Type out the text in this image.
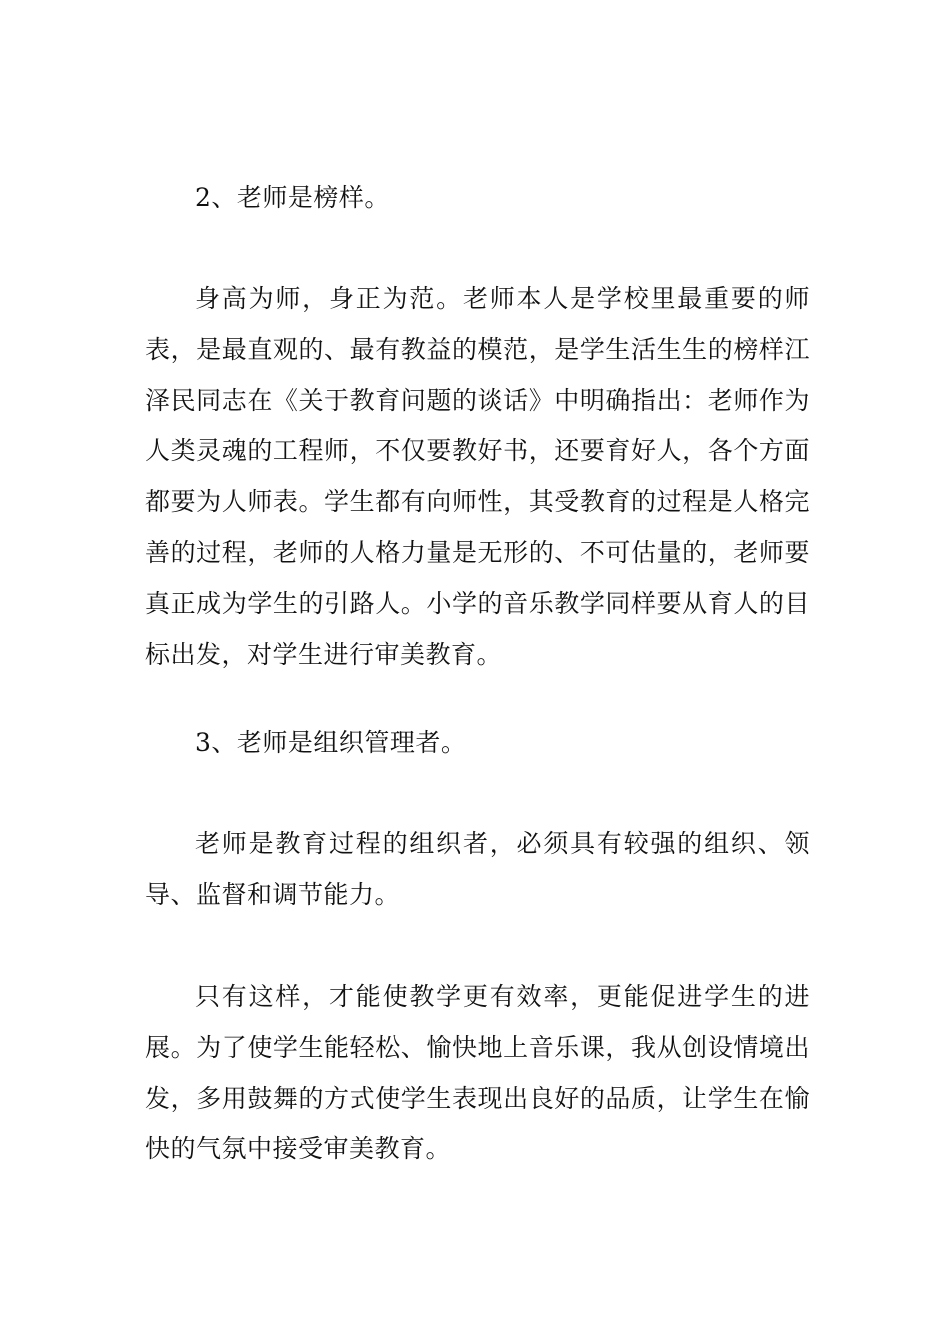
2、老师是榜样。

身高为师，身正为范。老师本人是学校里最重要的师表，是最直观的、最有教益的模范，是学生活生生的榜样江泽民同志在《关于教育问题的谈话》中明确指出：老师作为人类灵魂的工程师，不仅要教好书，还要育好人，各个方面都要为人师表。学生都有向师性，其受教育的过程是人格完善的过程，老师的人格力量是无形的、不可估量的，老师要真正成为学生的引路人。小学的音乐教学同样要从育人的目标出发，对学生进行审美教育。

3、老师是组织管理者。

老师是教育过程的组织者，必须具有较强的组织、领导、监督和调节能力。

只有这样，才能使教学更有效率，更能促进学生的进展。为了使学生能轻松、愉快地上音乐课，我从创设情境出发，多用鼓舞的方式使学生表现出良好的品质，让学生在愉快的气氛中接受审美教育。
